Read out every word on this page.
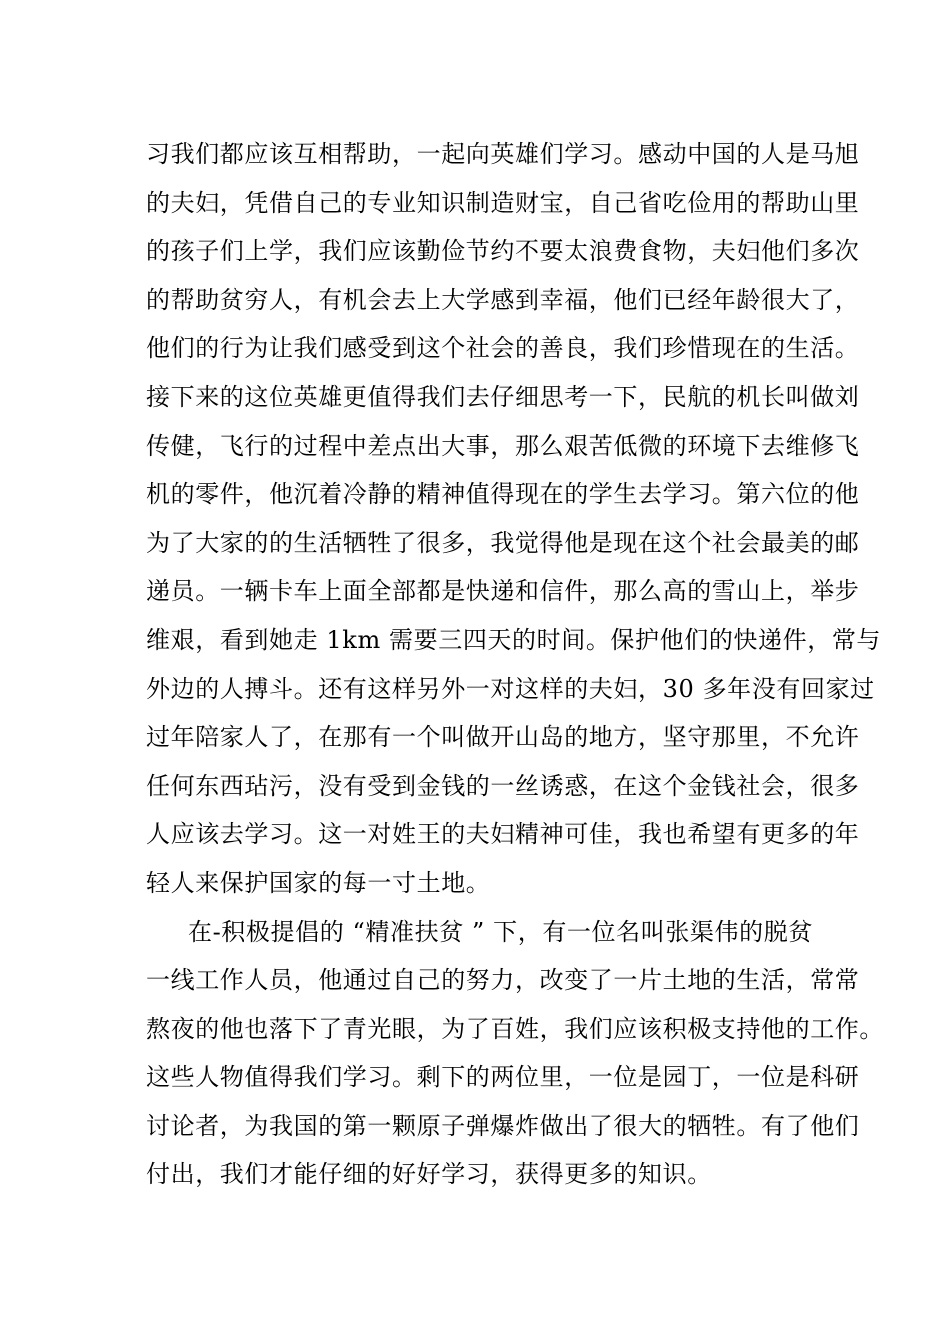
习我们都应该互相帮助，一起向英雄们学习。感动中国的人是马旭
的夫妇，凭借自己的专业知识制造财宝，自己省吃俭用的帮助山里
的孩子们上学，我们应该勤俭节约不要太浪费食物，夫妇他们多次
的帮助贫穷人，有机会去上大学感到幸福，他们已经年龄很大了，
他们的行为让我们感受到这个社会的善良，我们珍惜现在的生活。
接下来的这位英雄更值得我们去仔细思考一下，民航的机长叫做刘
传健，飞行的过程中差点出大事，那么艰苦低微的环境下去维修飞
机的零件，他沉着冷静的精神值得现在的学生去学习。第六位的他
为了大家的的生活牺牲了很多，我觉得他是现在这个社会最美的邮
递员。一辆卡车上面全部都是快递和信件，那么高的雪山上，举步
维艰，看到她走 1km 需要三四天的时间。保护他们的快递件，常与
外边的人搏斗。还有这样另外一对这样的夫妇，30 多年没有回家过
过年陪家人了，在那有一个叫做开山岛的地方，坚守那里，不允许
任何东西玷污，没有受到金钱的一丝诱惑，在这个金钱社会，很多
人应该去学习。这一对姓王的夫妇精神可佳，我也希望有更多的年
轻人来保护国家的每一寸土地。
在-积极提倡的 “精准扶贫 ” 下，有一位名叫张渠伟的脱贫
一线工作人员，他通过自己的努力，改变了一片土地的生活，常常
熬夜的他也落下了青光眼，为了百姓，我们应该积极支持他的工作。
这些人物值得我们学习。剩下的两位里，一位是园丁，一位是科研
讨论者，为我国的第一颗原子弹爆炸做出了很大的牺牲。有了他们
付出，我们才能仔细的好好学习，获得更多的知识。
